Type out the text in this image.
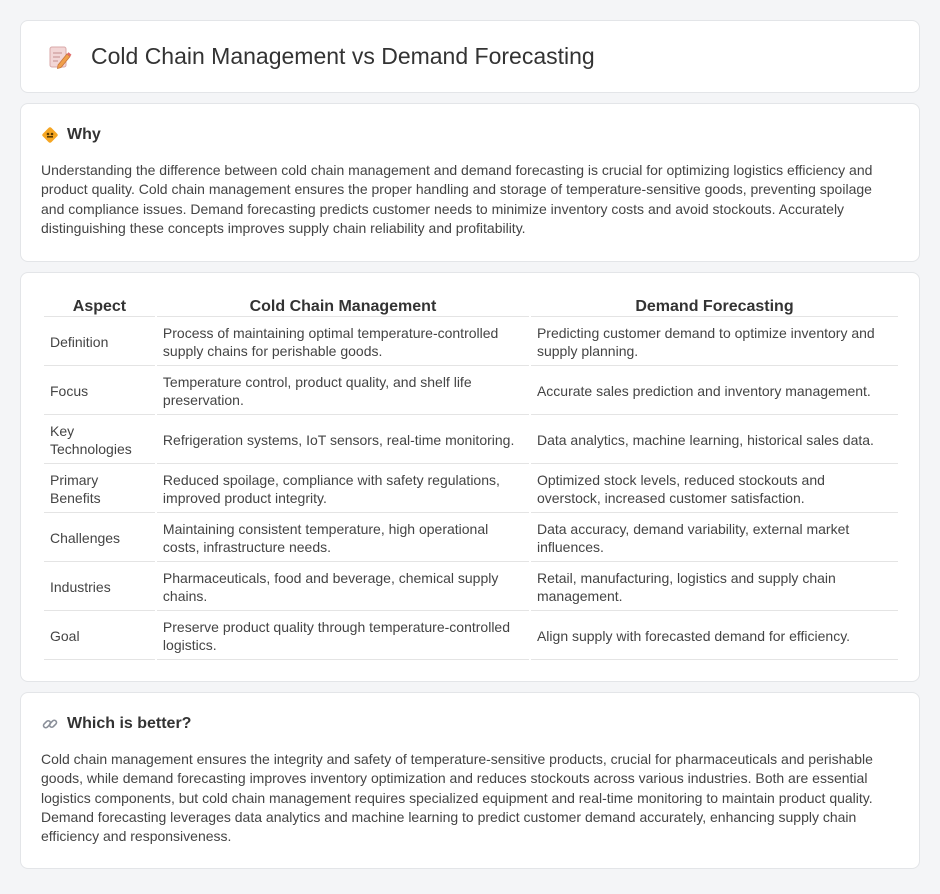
Cold Chain Management vs Demand Forecasting
Why

Understanding the difference between cold chain management and demand forecasting is crucial for optimizing logistics efficiency and product quality. Cold chain management ensures the proper handling and storage of temperature-sensitive goods, preventing spoilage and compliance issues. Demand forecasting predicts customer needs to minimize inventory costs and avoid stockouts. Accurately distinguishing these concepts improves supply chain reliability and profitability.

Aspect	Cold Chain Management	Demand Forecasting
Definition	Process of maintaining optimal temperature-controlled supply chains for perishable goods.	Predicting customer demand to optimize inventory and supply planning.
Focus	Temperature control, product quality, and shelf life preservation.	Accurate sales prediction and inventory management.
Key Technologies	Refrigeration systems, IoT sensors, real-time monitoring.	Data analytics, machine learning, historical sales data.
Primary Benefits	Reduced spoilage, compliance with safety regulations, improved product integrity.	Optimized stock levels, reduced stockouts and overstock, increased customer satisfaction.
Challenges	Maintaining consistent temperature, high operational costs, infrastructure needs.	Data accuracy, demand variability, external market influences.
Industries	Pharmaceuticals, food and beverage, chemical supply chains.	Retail, manufacturing, logistics and supply chain management.
Goal	Preserve product quality through temperature-controlled logistics.	Align supply with forecasted demand for efficiency.
Which is better?

Cold chain management ensures the integrity and safety of temperature-sensitive products, crucial for pharmaceuticals and perishable goods, while demand forecasting improves inventory optimization and reduces stockouts across various industries. Both are essential logistics components, but cold chain management requires specialized equipment and real-time monitoring to maintain product quality. Demand forecasting leverages data analytics and machine learning to predict customer demand accurately, enhancing supply chain efficiency and responsiveness.
